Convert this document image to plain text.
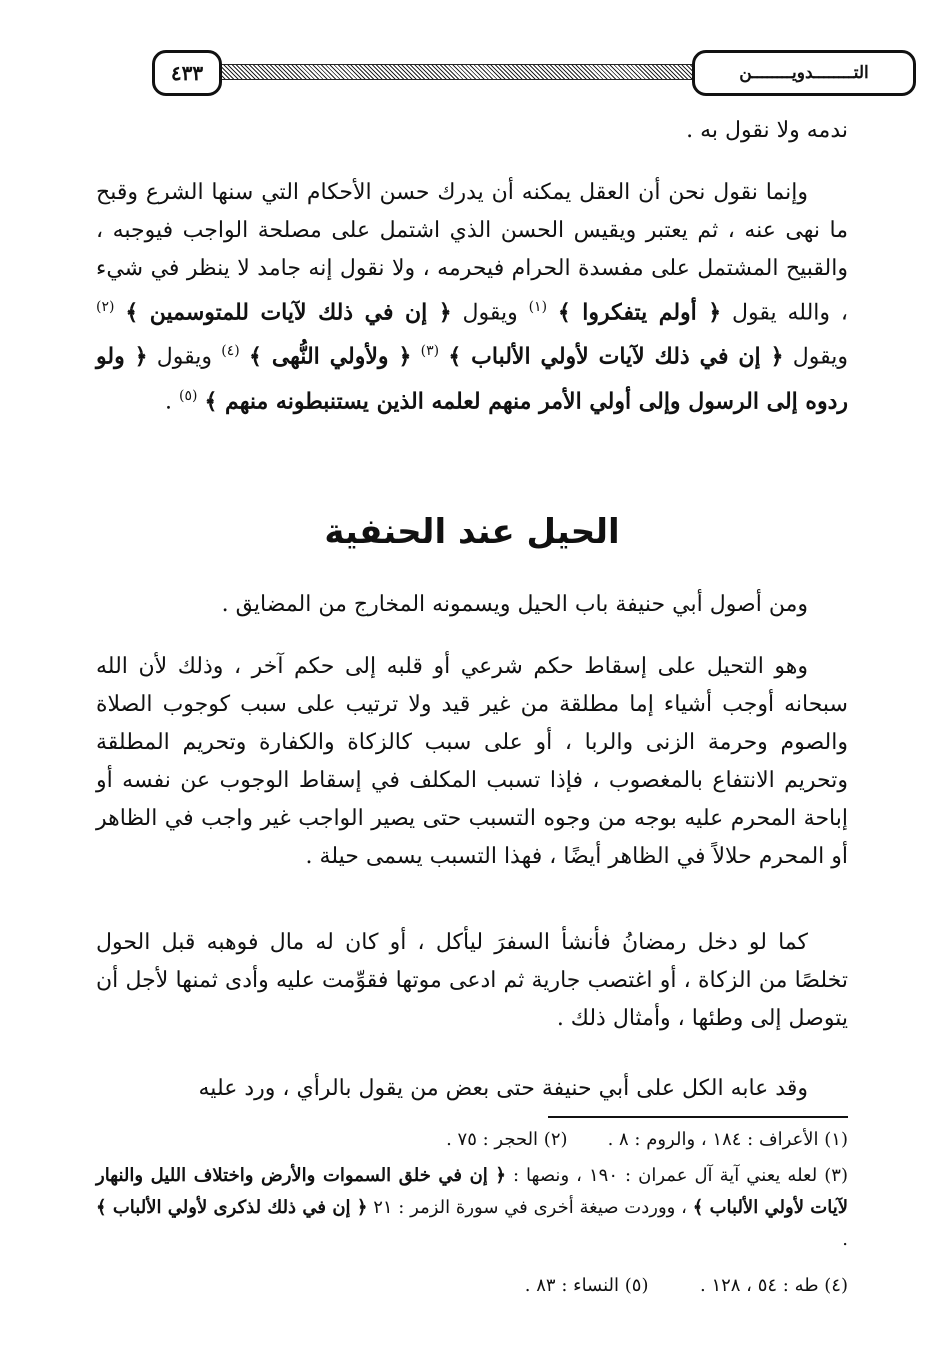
التــــــــدويــــــــن
٤٣٣

ندمه ولا نقول به .

وإنما نقول نحن أن العقل يمكنه أن يدرك حسن الأحكام التي سنها الشرع وقبح ما نهى عنه ، ثم يعتبر ويقيس الحسن الذي اشتمل على مصلحة الواجب فيوجبه ، والقبيح المشتمل على مفسدة الحرام فيحرمه ، ولا نقول إنه جامد لا ينظر في شيء ، والله يقول ﴿ أولم يتفكروا ﴾ $^{(١)}$ ويقول ﴿ إن في ذلك لآيات للمتوسمين ﴾ $^{(٢)}$ ويقول ﴿ إن في ذلك لآيات لأولي الألباب ﴾ $^{(٣)}$ ﴿ ولأولي النُّهى ﴾ $^{(٤)}$ ويقول ﴿ ولو ردوه إلى الرسول وإلى أولي الأمر منهم لعلمه الذين يستنبطونه منهم ﴾ $^{(٥)}$ .

الحيل عند الحنفية

ومن أصول أبي حنيفة باب الحيل ويسمونه المخارج من المضايق .

وهو التحيل على إسقاط حكم شرعي أو قلبه إلى حكم آخر ، وذلك لأن الله سبحانه أوجب أشياء إما مطلقة من غير قيد ولا ترتيب على سبب كوجوب الصلاة والصوم وحرمة الزنى والربا ، أو على سبب كالزكاة والكفارة وتحريم المطلقة وتحريم الانتفاع بالمغصوب ، فإذا تسبب المكلف في إسقاط الوجوب عن نفسه أو إباحة المحرم عليه بوجه من وجوه التسبب حتى يصير الواجب غير واجب في الظاهر أو المحرم حلالاً في الظاهر أيضًا ، فهذا التسبب يسمى حيلة .

كما لو دخل رمضانُ فأنشأ السفرَ ليأكل ، أو كان له مال فوهبه قبل الحول تخلصًا من الزكاة ، أو اغتصب جارية ثم ادعى موتها فقوِّمت عليه وأدى ثمنها لأجل أن يتوصل إلى وطئها ، وأمثال ذلك .

وقد عابه الكل على أبي حنيفة حتى بعض من يقول بالرأي ، ورد عليه

(١) الأعراف : ١٨٤ ، والروم : ٨ .       (٢) الحجر : ٧٥ .

(٣) لعله يعني آية آل عمران : ١٩٠ ، ونصها : ﴿ إن في خلق السموات والأرض واختلاف الليل والنهار لآيات لأولي الألباب ﴾ ، ووردت صيغة أخرى في سورة الزمر : ٢١ ﴿ إن في ذلك لذكرى لأولي الألباب ﴾ .

(٤) طه : ٥٤ ، ١٢٨ .         (٥) النساء : ٨٣ .
